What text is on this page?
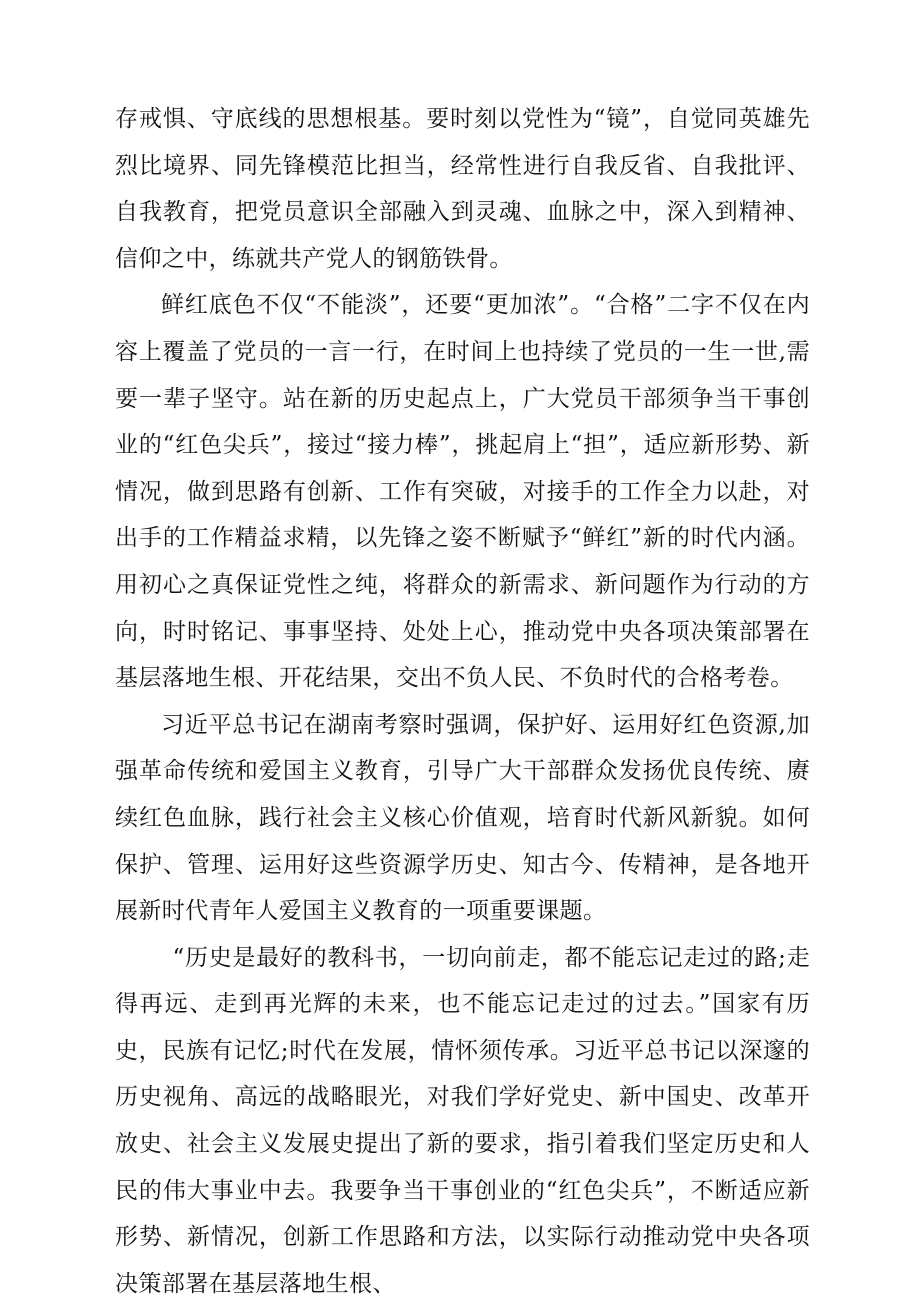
存戒惧、守底线的思想根基。要时刻以党性为“镜”，自觉同英雄先烈比境界、同先锋模范比担当，经常性进行自我反省、自我批评、自我教育，把党员意识全部融入到灵魂、血脉之中，深入到精神、信仰之中，练就共产党人的钢筋铁骨。

鲜红底色不仅“不能淡”，还要“更加浓”。“合格”二字不仅在内容上覆盖了党员的一言一行，在时间上也持续了党员的一生一世,需要一辈子坚守。站在新的历史起点上，广大党员干部须争当干事创业的“红色尖兵”，接过“接力棒”，挑起肩上“担”，适应新形势、新情况，做到思路有创新、工作有突破，对接手的工作全力以赴，对出手的工作精益求精，以先锋之姿不断赋予“鲜红”新的时代内涵。用初心之真保证党性之纯，将群众的新需求、新问题作为行动的方向，时时铭记、事事坚持、处处上心，推动党中央各项决策部署在基层落地生根、开花结果，交出不负人民、不负时代的合格考卷。

习近平总书记在湖南考察时强调，保护好、运用好红色资源,加强革命传统和爱国主义教育，引导广大干部群众发扬优良传统、赓续红色血脉，践行社会主义核心价值观，培育时代新风新貌。如何保护、管理、运用好这些资源学历史、知古今、传精神，是各地开展新时代青年人爱国主义教育的一项重要课题。

“历史是最好的教科书，一切向前走，都不能忘记走过的路;走得再远、走到再光辉的未来，也不能忘记走过的过去。”国家有历史，民族有记忆;时代在发展，情怀须传承。习近平总书记以深邃的历史视角、高远的战略眼光，对我们学好党史、新中国史、改革开放史、社会主义发展史提出了新的要求，指引着我们坚定历史和人民的伟大事业中去。我要争当干事创业的“红色尖兵”，不断适应新形势、新情况，创新工作思路和方法，以实际行动推动党中央各项决策部署在基层落地生根、
